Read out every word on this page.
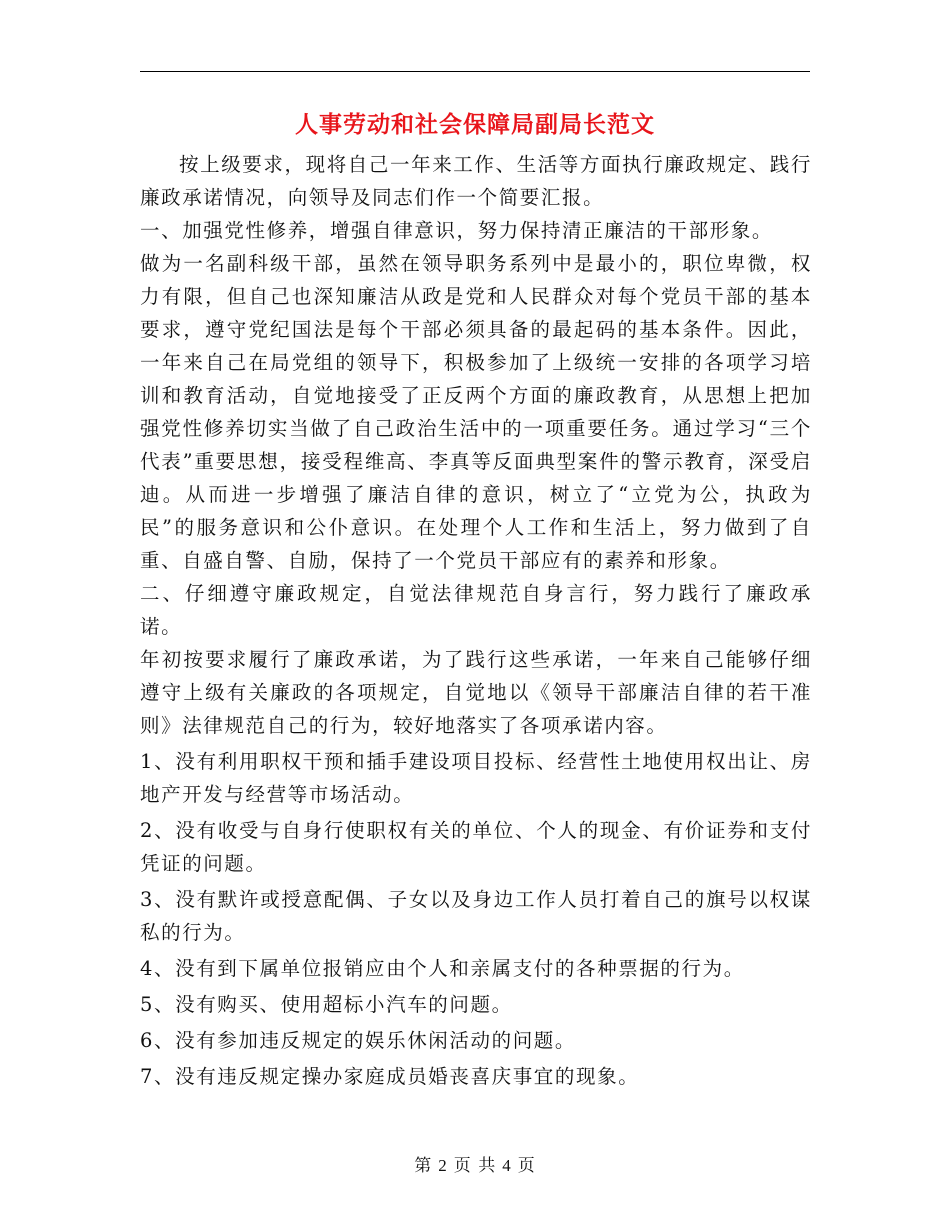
人事劳动和社会保障局副局长范文

按上级要求，现将自己一年来工作、生活等方面执行廉政规定、践行廉政承诺情况，向领导及同志们作一个简要汇报。

一、加强党性修养，增强自律意识，努力保持清正廉洁的干部形象。

做为一名副科级干部，虽然在领导职务系列中是最小的，职位卑微，权力有限，但自己也深知廉洁从政是党和人民群众对每个党员干部的基本要求，遵守党纪国法是每个干部必须具备的最起码的基本条件。因此，一年来自己在局党组的领导下，积极参加了上级统一安排的各项学习培训和教育活动，自觉地接受了正反两个方面的廉政教育，从思想上把加强党性修养切实当做了自己政治生活中的一项重要任务。通过学习“三个代表”重要思想，接受程维高、李真等反面典型案件的警示教育，深受启迪。从而进一步增强了廉洁自律的意识，树立了“立党为公，执政为民”的服务意识和公仆意识。在处理个人工作和生活上，努力做到了自重、自盛自警、自励，保持了一个党员干部应有的素养和形象。

二、仔细遵守廉政规定，自觉法律规范自身言行，努力践行了廉政承诺。

年初按要求履行了廉政承诺，为了践行这些承诺，一年来自己能够仔细遵守上级有关廉政的各项规定，自觉地以《领导干部廉洁自律的若干准则》法律规范自己的行为，较好地落实了各项承诺内容。

1、没有利用职权干预和插手建设项目投标、经营性土地使用权出让、房地产开发与经营等市场活动。

2、没有收受与自身行使职权有关的单位、个人的现金、有价证券和支付凭证的问题。

3、没有默许或授意配偶、子女以及身边工作人员打着自己的旗号以权谋私的行为。

4、没有到下属单位报销应由个人和亲属支付的各种票据的行为。

5、没有购买、使用超标小汽车的问题。

6、没有参加违反规定的娱乐休闲活动的问题。

7、没有违反规定操办家庭成员婚丧喜庆事宜的现象。

第 2 页 共 4 页
